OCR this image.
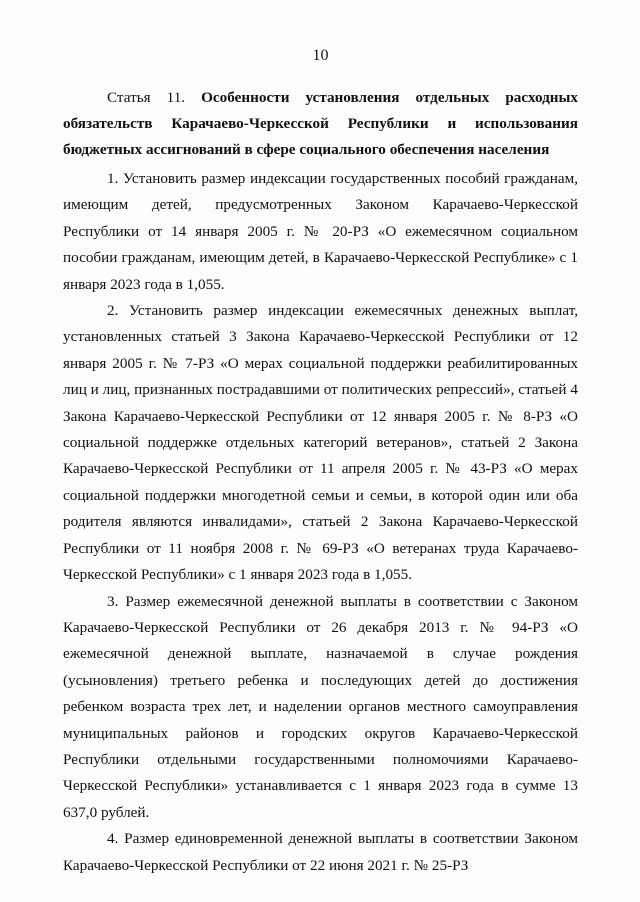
10

Статья 11. Особенности установления отдельных расходных обязательств Карачаево-Черкесской Республики и использования бюджетных ассигнований в сфере социального обеспечения населения

1. Установить размер индексации государственных пособий гражданам, имеющим детей, предусмотренных Законом Карачаево-Черкесской Республики от 14 января 2005 г. № 20-РЗ «О ежемесячном социальном пособии гражданам, имеющим детей, в Карачаево-Черкесской Республике» с 1 января 2023 года в 1,055.

2. Установить размер индексации ежемесячных денежных выплат, установленных статьей 3 Закона Карачаево-Черкесской Республики от 12 января 2005 г. № 7-РЗ «О мерах социальной поддержки реабилитированных лиц и лиц, признанных пострадавшими от политических репрессий», статьей 4 Закона Карачаево-Черкесской Республики от 12 января 2005 г. № 8-РЗ «О социальной поддержке отдельных категорий ветеранов», статьей 2 Закона Карачаево-Черкесской Республики от 11 апреля 2005 г. № 43-РЗ «О мерах социальной поддержки многодетной семьи и семьи, в которой один или оба родителя являются инвалидами», статьей 2 Закона Карачаево-Черкесской Республики от 11 ноября 2008 г. № 69-РЗ «О ветеранах труда Карачаево-Черкесской Республики» с 1 января 2023 года в 1,055.

3. Размер ежемесячной денежной выплаты в соответствии с Законом Карачаево-Черкесской Республики от 26 декабря 2013 г. № 94-РЗ «О ежемесячной денежной выплате, назначаемой в случае рождения (усыновления) третьего ребенка и последующих детей до достижения ребенком возраста трех лет, и наделении органов местного самоуправления муниципальных районов и городских округов Карачаево-Черкесской Республики отдельными государственными полномочиями Карачаево-Черкесской Республики» устанавливается с 1 января 2023 года в сумме 13 637,0 рублей.

4. Размер единовременной денежной выплаты в соответствии Законом Карачаево-Черкесской Республики от 22 июня 2021 г. № 25-РЗ
